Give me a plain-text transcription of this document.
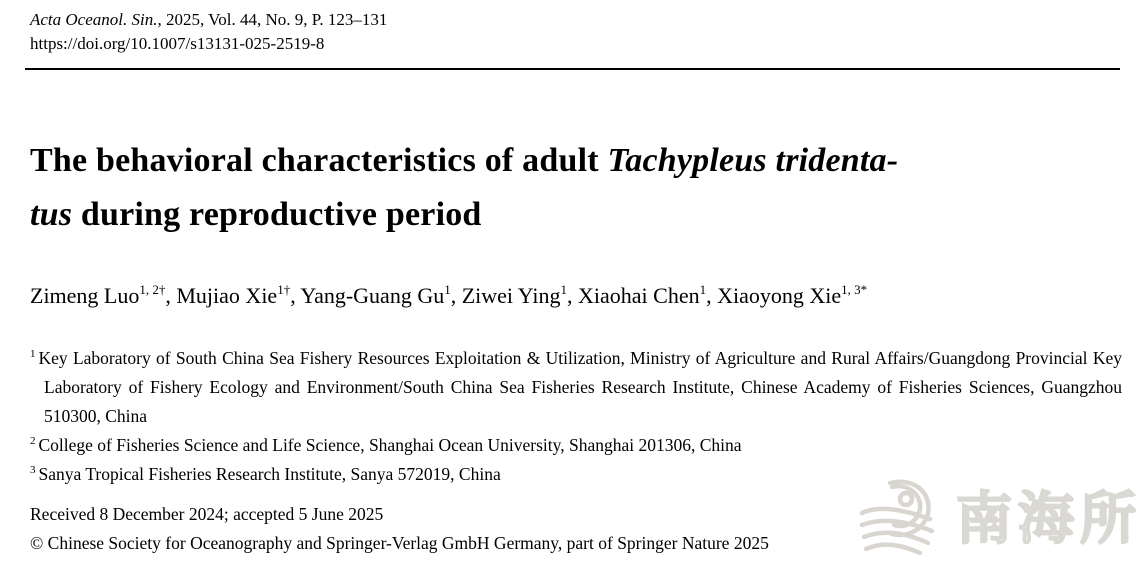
Acta Oceanol. Sin., 2025, Vol. 44, No. 9, P. 123–131
https://doi.org/10.1007/s13131-025-2519-8
The behavioral characteristics of adult Tachypleus tridenta-
tus during reproductive period
Zimeng Luo$^{1, 2\dagger}$, Mujiao Xie$^{1\dagger}$, Yang-Guang Gu$^1$, Ziwei Ying$^1$, Xiaohai Chen$^1$, Xiaoyong Xie$^{1, 3*}$
$^1$ Key Laboratory of South China Sea Fishery Resources Exploitation & Utilization, Ministry of Agriculture and Rural Affairs/Guangdong Provincial Key Laboratory of Fishery Ecology and Environment/South China Sea Fisheries Research Institute, Chinese Academy of Fisheries Sciences, Guangzhou 510300, China
$^2$ College of Fisheries Science and Life Science, Shanghai Ocean University, Shanghai 201306, China
$^3$ Sanya Tropical Fisheries Research Institute, Sanya 572019, China
Received 8 December 2024; accepted 5 June 2025
© Chinese Society for Oceanography and Springer-Verlag GmbH Germany, part of Springer Nature 2025	南海所
